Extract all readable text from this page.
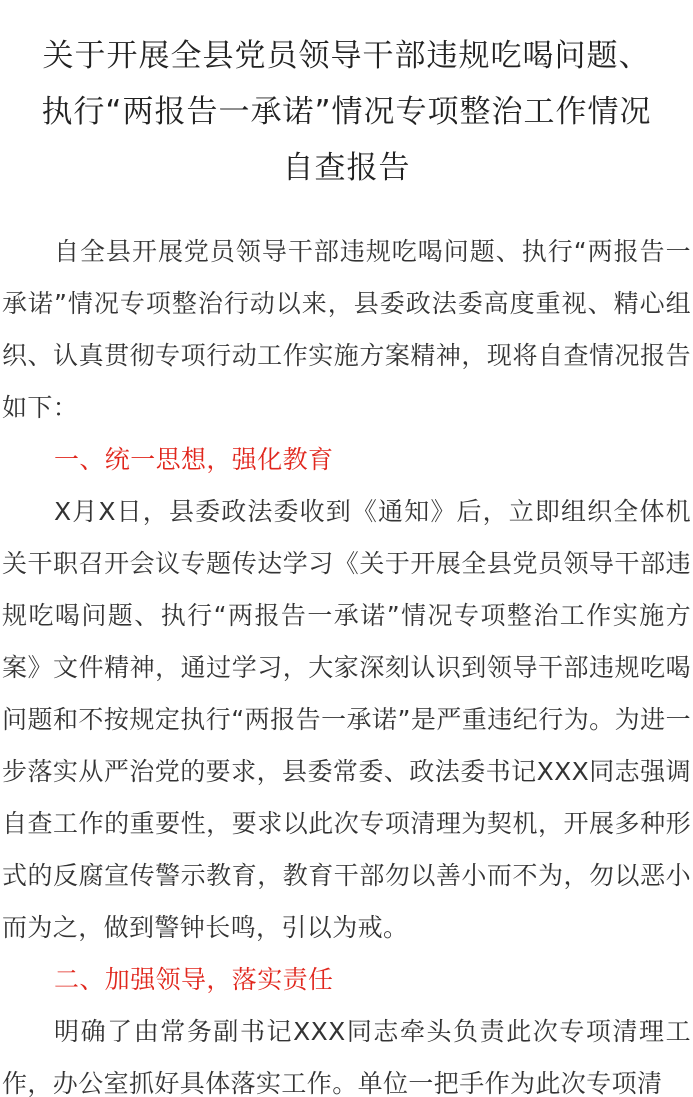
关于开展全县党员领导干部违规吃喝问题、
执行“两报告一承诺”情况专项整治工作情况
自查报告

自全县开展党员领导干部违规吃喝问题、执行“两报告一承诺”情况专项整治行动以来，县委政法委高度重视、精心组织、认真贯彻专项行动工作实施方案精神，现将自查情况报告如下：

一、统一思想，强化教育

X月X日，县委政法委收到《通知》后，立即组织全体机关干职召开会议专题传达学习《关于开展全县党员领导干部违规吃喝问题、执行“两报告一承诺”情况专项整治工作实施方案》文件精神，通过学习，大家深刻认识到领导干部违规吃喝问题和不按规定执行“两报告一承诺”是严重违纪行为。为进一步落实从严治党的要求，县委常委、政法委书记XXX同志强调自查工作的重要性，要求以此次专项清理为契机，开展多种形式的反腐宣传警示教育，教育干部勿以善小而不为，勿以恶小而为之，做到警钟长鸣，引以为戒。

二、加强领导，落实责任

明确了由常务副书记XXX同志牵头负责此次专项清理工作，办公室抓好具体落实工作。单位一把手作为此次专项清
